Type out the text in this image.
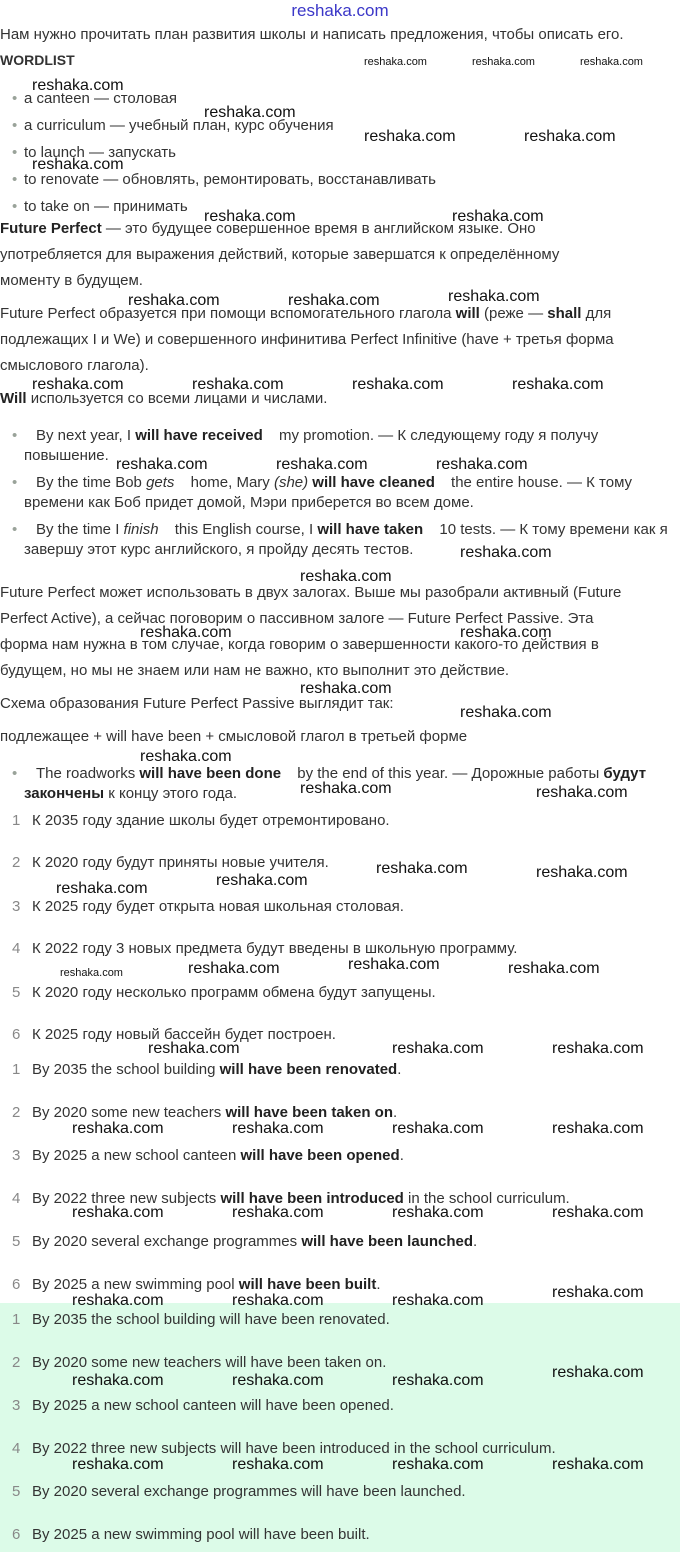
reshaka.com
Нам нужно прочитать план развития школы и написать предложения, чтобы описать его.
WORDLIST
• a canteen — столовая
• a curriculum — учебный план, курс обучения
• to launch — запускать
• to renovate — обновлять, ремонтировать, восстанавливать
• to take on — принимать
Future Perfect — это будущее совершенное время в английском языке. Оно
употребляется для выражения действий, которые завершатся к определённому
моменту в будущем.
Future Perfect образуется при помощи вспомогательного глагола will (реже — shall для
подлежащих I и We) и совершенного инфинитива Perfect Infinitive (have + третья форма
смыслового глагола).
Will используется со всеми лицами и числами.
• By next year, I will have received my promotion. — К следующему году я получу
повышение.
• By the time Bob gets home, Mary (she) will have cleaned the entire house. — К тому
времени как Боб придет домой, Мэри приберется во всем доме.
• By the time I finish this English course, I will have taken 10 tests. — К тому времени как я
завершу этот курс английского, я пройду десять тестов.
Future Perfect может использовать в двух залогах. Выше мы разобрали активный (Future
Perfect Active), а сейчас поговорим о пассивном залоге — Future Perfect Passive. Эта
форма нам нужна в том случае, когда говорим о завершенности какого-то действия в
будущем, но мы не знаем или нам не важно, кто выполнит это действие.
Схема образования Future Perfect Passive выглядит так:
подлежащее + will have been + смысловой глагол в третьей форме
• The roadworks will have been done by the end of this year. — Дорожные работы будут
закончены к концу этого года.
1 К 2035 году здание школы будет отремонтировано.
2 К 2020 году будут приняты новые учителя.
3 К 2025 году будет открыта новая школьная столовая.
4 К 2022 году 3 новых предмета будут введены в школьную программу.
5 К 2020 году несколько программ обмена будут запущены.
6 К 2025 году новый бассейн будет построен.
1 By 2035 the school building will have been renovated.
2 By 2020 some new teachers will have been taken on.
3 By 2025 a new school canteen will have been opened.
4 By 2022 three new subjects will have been introduced in the school curriculum.
5 By 2020 several exchange programmes will have been launched.
6 By 2025 a new swimming pool will have been built.
1 By 2035 the school building will have been renovated.
2 By 2020 some new teachers will have been taken on.
3 By 2025 a new school canteen will have been opened.
4 By 2022 three new subjects will have been introduced in the school curriculum.
5 By 2020 several exchange programmes will have been launched.
6 By 2025 a new swimming pool will have been built.
reshaka.com	reshaka.com	reshaka.com
reshaka.com
reshaka.com
reshaka.com	reshaka.com
reshaka.com
reshaka.com	reshaka.com
reshaka.com	reshaka.com	reshaka.com
reshaka.com	reshaka.com	reshaka.com	reshaka.com
reshaka.com	reshaka.com	reshaka.com
reshaka.com
reshaka.com
reshaka.com	reshaka.com
reshaka.com
reshaka.com
reshaka.com
reshaka.com	reshaka.com
reshaka.com	reshaka.com
reshaka.com
reshaka.com
reshaka.com	reshaka.com	reshaka.com	reshaka.com
reshaka.com	reshaka.com	reshaka.com
reshaka.com	reshaka.com	reshaka.com	reshaka.com
reshaka.com	reshaka.com	reshaka.com	reshaka.com
reshaka.com
reshaka.com	reshaka.com	reshaka.com
reshaka.com
reshaka.com	reshaka.com	reshaka.com
reshaka.com	reshaka.com	reshaka.com	reshaka.com
